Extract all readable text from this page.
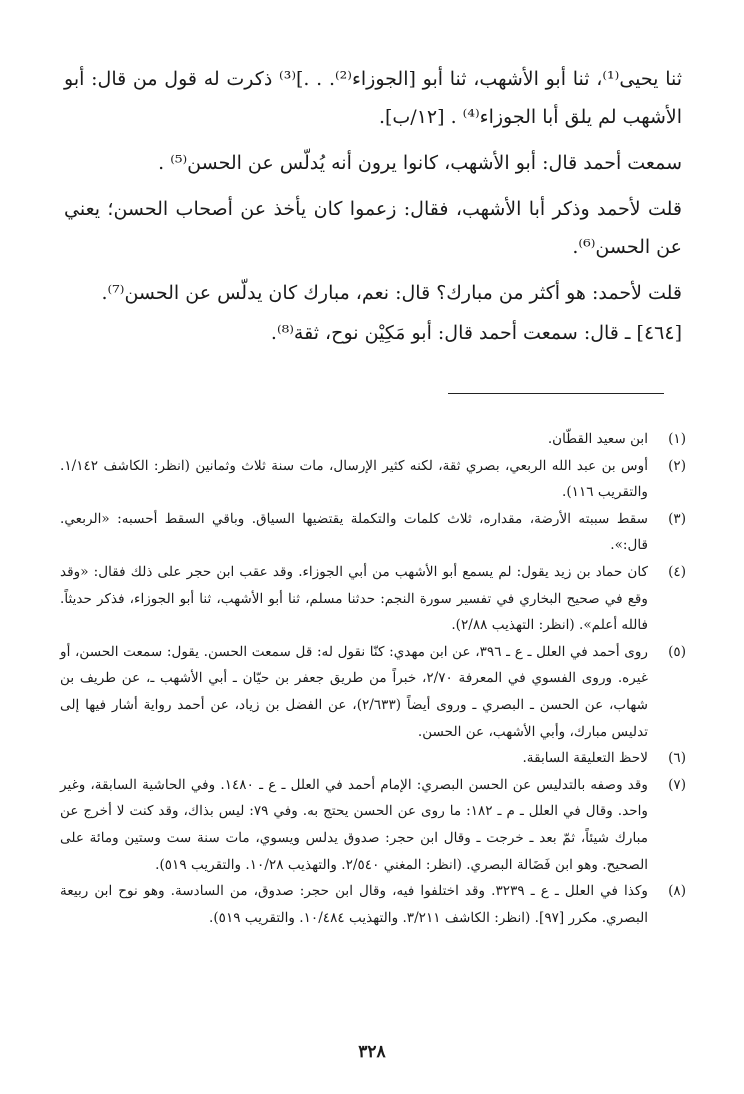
ثنا يحيى⁽¹⁾، ثنا أبو الأشهب، ثنا أبو [الجوزاء⁽²⁾. . .]⁽³⁾ ذكرت له قول من قال: أبو الأشهب لم يلق أبا الجوزاء⁽⁴⁾ . [١٢/ب].

سمعت أحمد قال: أبو الأشهب، كانوا يرون أنه يُدلّس عن الحسن⁽⁵⁾ .

قلت لأحمد وذكر أبا الأشهب، فقال: زعموا كان يأخذ عن أصحاب الحسن؛ يعني عن الحسن⁽⁶⁾.

قلت لأحمد: هو أكثر من مبارك؟ قال: نعم، مبارك كان يدلّس عن الحسن⁽⁷⁾.

[٤٦٤] ـ قال: سمعت أحمد قال: أبو مَكِيْن نوح، ثقة⁽⁸⁾.

(١)
ابن سعيد القطّان.
(٢)
أوس بن عبد الله الربعي، بصري ثقة، لكنه كثير الإرسال، مات سنة ثلاث وثمانين (انظر: الكاشف ١/١٤٢. والتقريب ١١٦).
(٣)
سقط سببته الأرضة، مقداره، ثلاث كلمات والتكملة يقتضيها السياق. وباقي السقط أحسبه: «الربعي. قال:».
(٤)
كان حماد بن زيد يقول: لم يسمع أبو الأشهب من أبي الجوزاء. وقد عقب ابن حجر على ذلك فقال: «وقد وقع في صحيح البخاري في تفسير سورة النجم: حدثنا مسلم، ثنا أبو الأشهب، ثنا أبو الجوزاء، فذكر حديثاً. فالله أعلم». (انظر: التهذيب ٢/٨٨).
(٥)
روى أحمد في العلل ـ ع ـ ٣٩٦، عن ابن مهدي: كنّا نقول له: قل سمعت الحسن. يقول: سمعت الحسن، أو غيره. وروى الفسوي في المعرفة ٢/٧٠، خبراً من طريق جعفر بن حيّان ـ أبي الأشهب ـ، عن طريف بن شهاب، عن الحسن ـ البصري ـ وروى أيضاً (٢/٦٣٣)، عن الفضل بن زياد، عن أحمد رواية أشار فيها إلى تدليس مبارك، وأبي الأشهب، عن الحسن.
(٦)
لاحظ التعليقة السابقة.
(٧)
وقد وصفه بالتدليس عن الحسن البصري: الإمام أحمد في العلل ـ ع ـ ١٤٨٠. وفي الحاشية السابقة، وغير واحد. وقال في العلل ـ م ـ ١٨٢: ما روى عن الحسن يحتج به. وفي ٧٩: ليس بذاك، وقد كنت لا أخرج عن مبارك شيئاً، ثمّ بعد ـ خرجت ـ وقال ابن حجر: صدوق يدلس ويسوي، مات سنة ست وستين ومائة على الصحيح. وهو ابن فَضَالة البصري. (انظر: المغني ٢/٥٤٠. والتهذيب ١٠/٢٨. والتقريب ٥١٩).
(٨)
وكذا في العلل ـ ع ـ ٣٢٣٩. وقد اختلفوا فيه، وقال ابن حجر: صدوق، من السادسة. وهو نوح ابن ربيعة البصري. مكرر [٩٧]. (انظر: الكاشف ٣/٢١١. والتهذيب ١٠/٤٨٤. والتقريب ٥١٩).
٣٢٨
